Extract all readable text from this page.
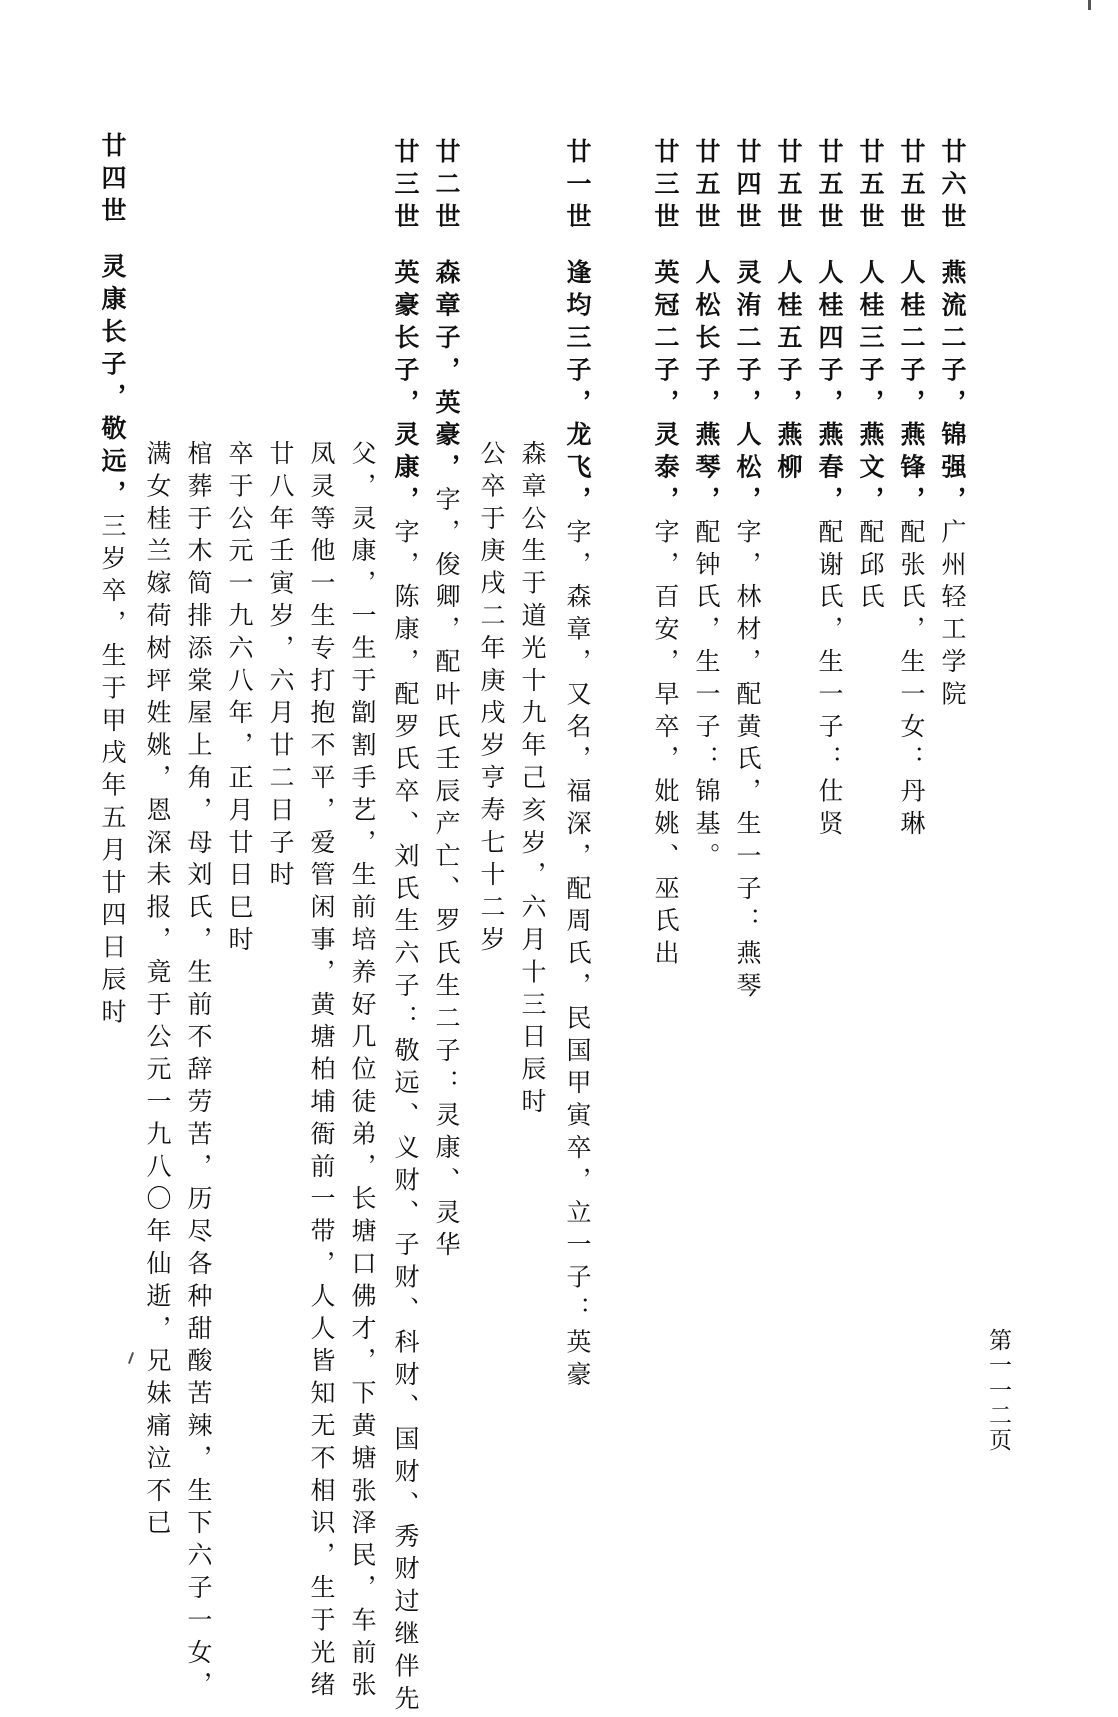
廿六世燕流二子，锦强，广州轻工学院
廿五世人桂二子，燕锋，配张氏，生一女：丹琳
廿五世人桂三子，燕文，配邱氏
廿五世人桂四子，燕春，配谢氏，生一子：仕贤
廿五世人桂五子，燕柳
廿四世灵洧二子，人松，字，林材，配黄氏，生一子：燕琴
廿五世人松长子，燕琴，配钟氏，生一子：锦基。
廿三世英冠二子，灵泰，字，百安，早卒，妣姚、巫氏出
廿一世逢均三子，龙飞，字，森章，又名，福深，配周氏，民国甲寅卒，立一子：英豪
森章公生于道光十九年己亥岁，六月十三日辰时
公卒于庚戌二年庚戌岁亨寿七十二岁
廿二世森章子，英豪，字，俊卿，配叶氏壬辰产亡、罗氏生二子：灵康、灵华
廿三世英豪长子，灵康，字，陈康，配罗氏卒、刘氏生六子：敬远、义财、子财、科财、国财、秀财过继伴先
父，灵康，一生于劏割手艺，生前培养好几位徒弟，长塘口佛才，下黄塘张泽民，车前张
凤灵等他一生专打抱不平，爱管闲事，黄塘柏埔衙前一带，人人皆知无不相识，生于光绪
廿八年壬寅岁，六月廿二日子时
卒于公元一九六八年，正月廿日巳时
棺葬于木简排添棠屋上角，母刘氏，生前不辞劳苦，历尽各种甜酸苦辣，生下六子一女，
满女桂兰嫁荷树坪姓姚，恩深未报，竟于公元一九八〇年仙逝，兄妹痛泣不已
廿四世灵康长子，敬远，三岁卒，生于甲戌年五月廿四日辰时
第一一二页
